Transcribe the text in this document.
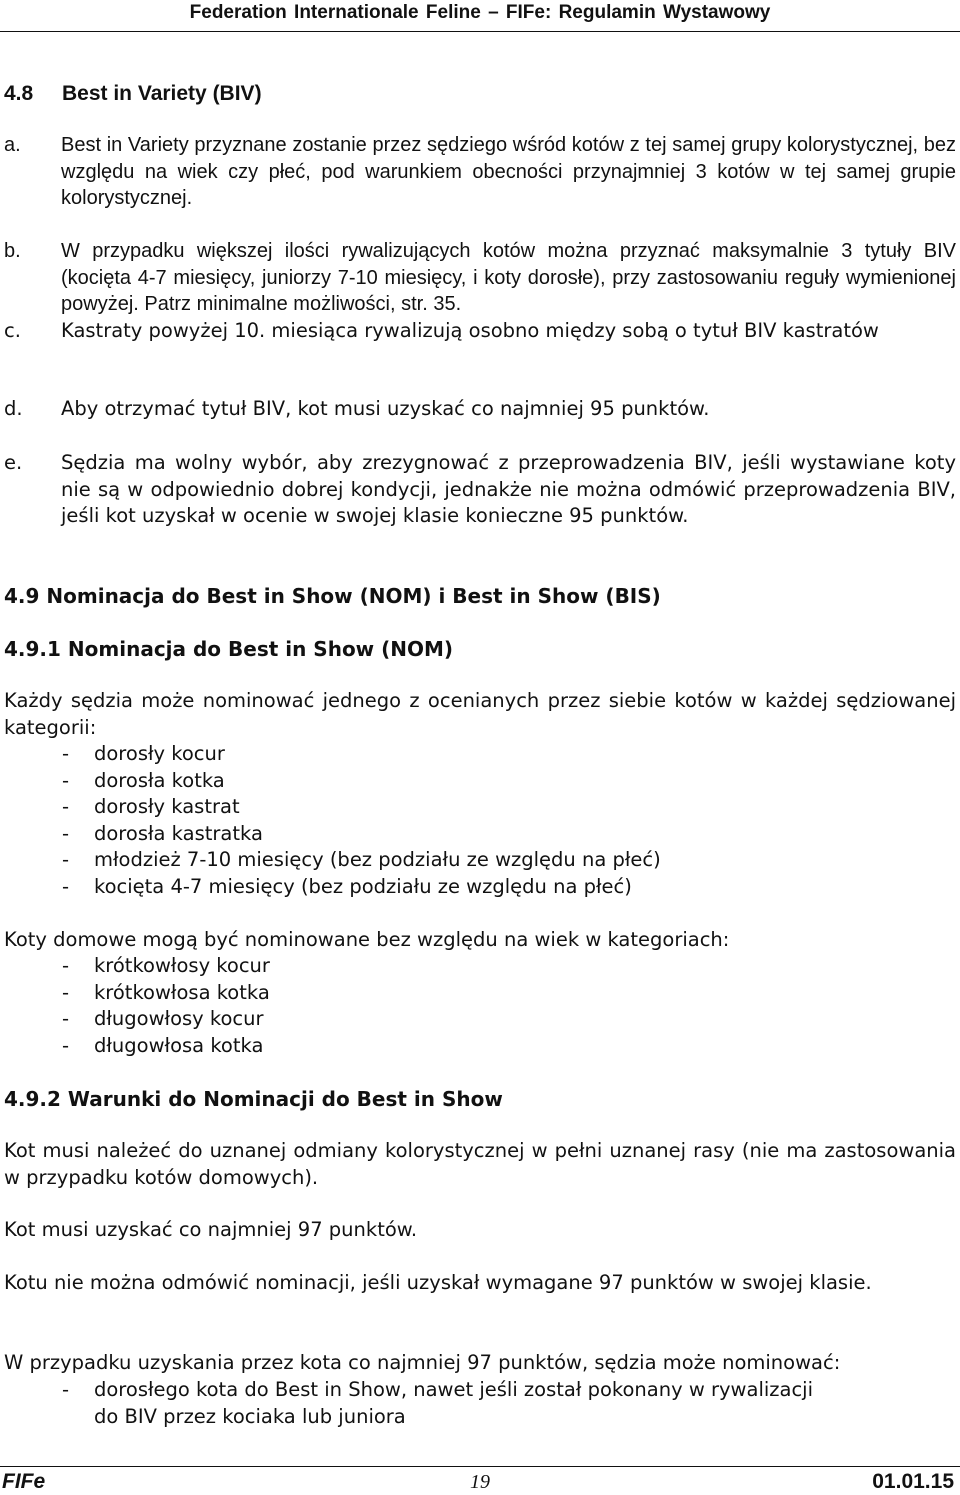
Federation Internationale Feline – FIFe: Regulamin Wystawowy
4.8 Best in Variety (BIV)
a.	Best in Variety przyznane zostanie przez sędziego wśród kotów z tej samej grupy kolorystycznej, bez względu na wiek czy płeć, pod warunkiem obecności przynajmniej 3 kotów w tej samej grupie kolorystycznej.
b.	W przypadku większej ilości rywalizujących kotów można przyznać maksymalnie 3 tytuły BIV (kocięta 4-7 miesięcy, juniorzy 7-10 miesięcy, i koty dorosłe), przy zastosowaniu reguły wymienionej powyżej. Patrz minimalne możliwości, str. 35.
c.	Kastraty powyżej 10. miesiąca rywalizują osobno między sobą o tytuł BIV kastratów
d.	Aby otrzymać tytuł BIV, kot musi uzyskać co najmniej 95 punktów.
e.	Sędzia ma wolny wybór, aby zrezygnować z przeprowadzenia BIV, jeśli wystawiane koty nie są w odpowiednio dobrej kondycji, jednakże nie można odmówić przeprowadzenia BIV, jeśli kot uzyskał w ocenie w swojej klasie konieczne 95 punktów.
4.9 Nominacja do Best in Show (NOM) i Best in Show (BIS)
4.9.1 Nominacja do Best in Show (NOM)

Każdy sędzia może nominować jednego z ocenianych przez siebie kotów w każdej sędziowanej kategorii:

-	dorosły kocur
-	dorosła kotka
-	dorosły kastrat
-	dorosła kastratka
-	młodzież 7-10 miesięcy (bez podziału ze względu na płeć)
-	kocięta 4-7 miesięcy (bez podziału ze względu na płeć)

Koty domowe mogą być nominowane bez względu na wiek w kategoriach:

-	krótkowłosy kocur
-	krótkowłosa kotka
-	długowłosy kocur
-	długowłosa kotka
4.9.2 Warunki do Nominacji do Best in Show

Kot musi należeć do uznanej odmiany kolorystycznej w pełni uznanej rasy (nie ma zastosowania w przypadku kotów domowych).

Kot musi uzyskać co najmniej 97 punktów.

Kotu nie można odmówić nominacji, jeśli uzyskał wymagane 97 punktów w swojej klasie.

W przypadku uzyskania przez kota co najmniej 97 punktów, sędzia może nominować:

-	dorosłego kota do Best in Show, nawet jeśli został pokonany w rywalizacji do BIV przez kociaka lub juniora
19
FIFe	01.01.15
